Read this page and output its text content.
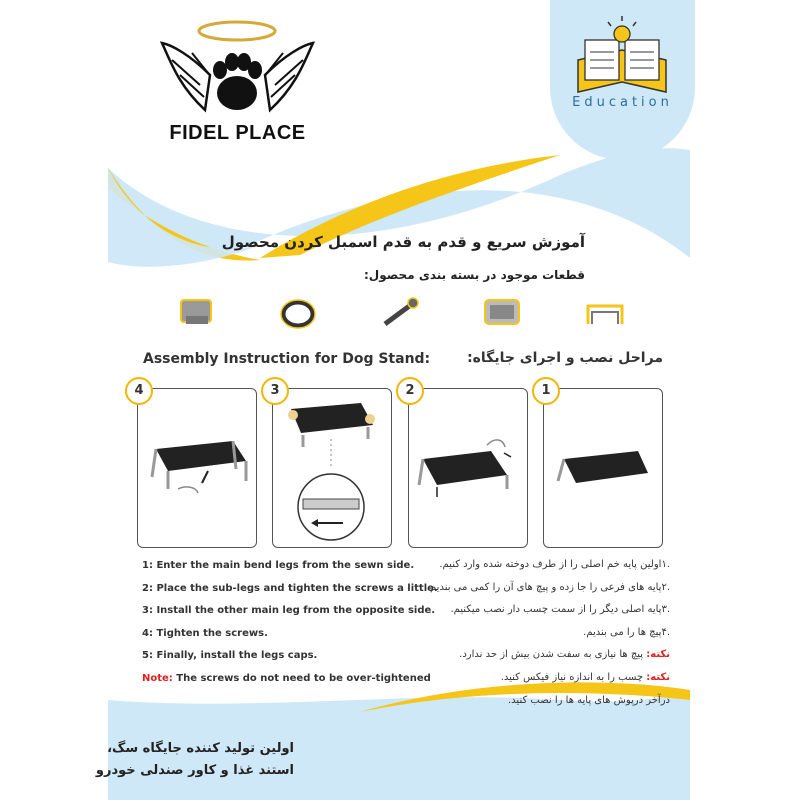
FIDEL PLACE
Education
آموزش سریع و قدم به قدم اسمبل کردن محصول
قطعات موجود در بسته بندی محصول:
Assembly Instruction for Dog Stand:	مراحل نصب و اجرای جایگاه:
4	3	2	1
1: Enter the main bend legs from the sewn side.
2: Place the sub-legs and tighten the screws a little.
3: Install the other main leg from the opposite side.
4: Tighten the screws.
5: Finally, install the legs caps.
Note: The screws do not need to be over-tightened
.۱اولین پایه خم اصلی را از طرف دوخته شده وارد کنیم.
.۲پایه های فرعی را جا زده و پیچ های آن را کمی می بندیم.
.۳پایه اصلی دیگر را از سمت چسب دار نصب میکنیم.
.۴پیچ ها را می بندیم.
نکته: پیچ ها نیازی به سفت شدن بیش از حد ندارد.
نکته: چسب را به اندازه نیاز فیکس کنید.
درآخر درپوش های پایه ها را نصب کنید.
اولین تولید کننده جایگاه سگ،
استند غذا و کاور صندلی خودرو
